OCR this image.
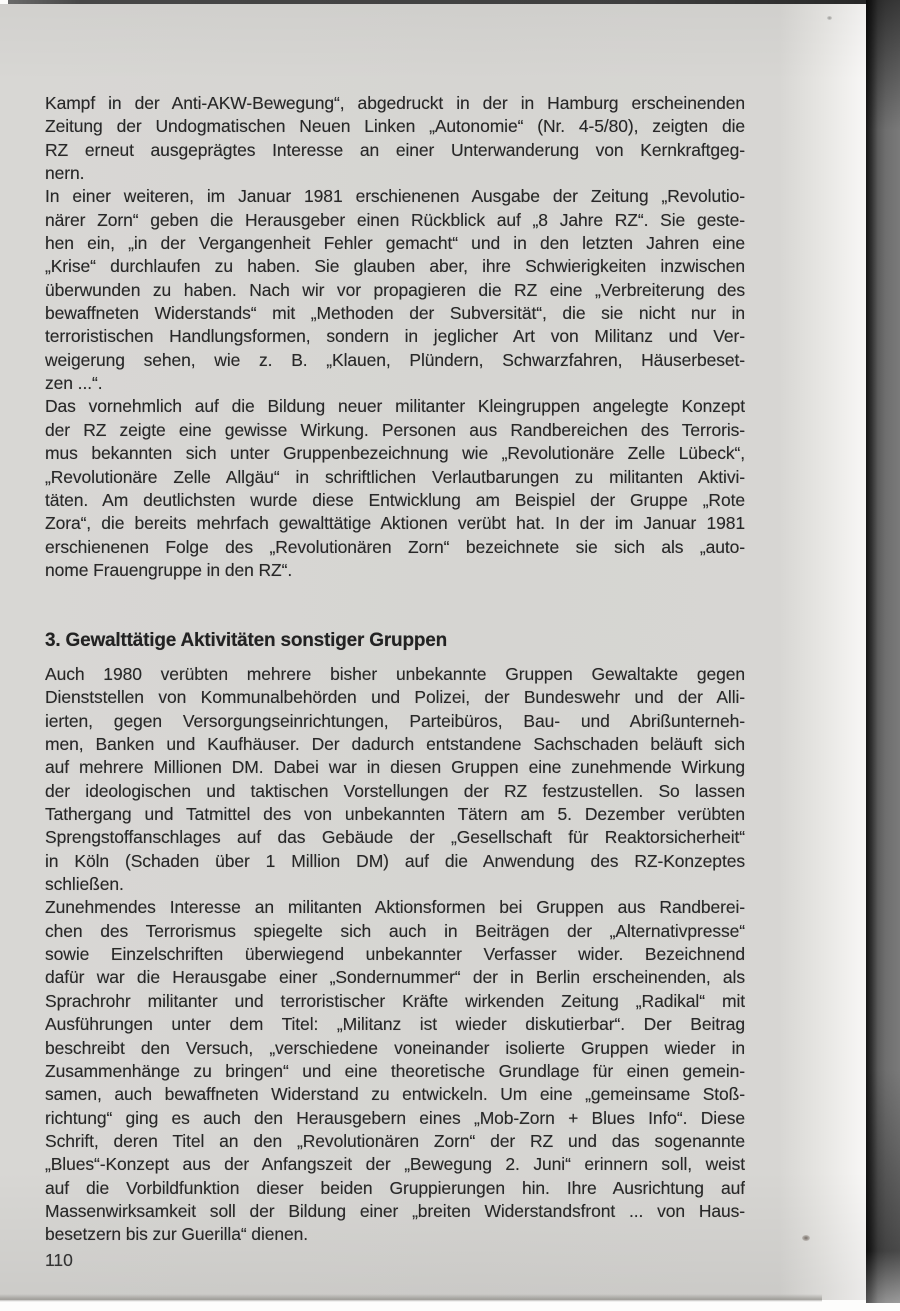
Kampf in der Anti-AKW-Bewegung“, abgedruckt in der in Hamburg erscheinenden
Zeitung der Undogmatischen Neuen Linken „Autonomie“ (Nr. 4-5/80), zeigten die
RZ erneut ausgeprägtes Interesse an einer Unterwanderung von Kernkraftgeg-
nern.
In einer weiteren, im Januar 1981 erschienenen Ausgabe der Zeitung „Revolutio-
närer Zorn“ geben die Herausgeber einen Rückblick auf „8 Jahre RZ“. Sie geste-
hen ein, „in der Vergangenheit Fehler gemacht“ und in den letzten Jahren eine
„Krise“ durchlaufen zu haben. Sie glauben aber, ihre Schwierigkeiten inzwischen
überwunden zu haben. Nach wir vor propagieren die RZ eine „Verbreiterung des
bewaffneten Widerstands“ mit „Methoden der Subversität“, die sie nicht nur in
terroristischen Handlungsformen, sondern in jeglicher Art von Militanz und Ver-
weigerung sehen, wie z. B. „Klauen, Plündern, Schwarzfahren, Häuserbeset-
zen ...“.
Das vornehmlich auf die Bildung neuer militanter Kleingruppen angelegte Konzept
der RZ zeigte eine gewisse Wirkung. Personen aus Randbereichen des Terroris-
mus bekannten sich unter Gruppenbezeichnung wie „Revolutionäre Zelle Lübeck“,
„Revolutionäre Zelle Allgäu“ in schriftlichen Verlautbarungen zu militanten Aktivi-
täten. Am deutlichsten wurde diese Entwicklung am Beispiel der Gruppe „Rote
Zora“, die bereits mehrfach gewalttätige Aktionen verübt hat. In der im Januar 1981
erschienenen Folge des „Revolutionären Zorn“ bezeichnete sie sich als „auto-
nome Frauengruppe in den RZ“.
3. Gewalttätige Aktivitäten sonstiger Gruppen
Auch 1980 verübten mehrere bisher unbekannte Gruppen Gewaltakte gegen
Dienststellen von Kommunalbehörden und Polizei, der Bundeswehr und der Alli-
ierten, gegen Versorgungseinrichtungen, Parteibüros, Bau- und Abrißunterneh-
men, Banken und Kaufhäuser. Der dadurch entstandene Sachschaden beläuft sich
auf mehrere Millionen DM. Dabei war in diesen Gruppen eine zunehmende Wirkung
der ideologischen und taktischen Vorstellungen der RZ festzustellen. So lassen
Tathergang und Tatmittel des von unbekannten Tätern am 5. Dezember verübten
Sprengstoffanschlages auf das Gebäude der „Gesellschaft für Reaktorsicherheit“
in Köln (Schaden über 1 Million DM) auf die Anwendung des RZ-Konzeptes
schließen.
Zunehmendes Interesse an militanten Aktionsformen bei Gruppen aus Randberei-
chen des Terrorismus spiegelte sich auch in Beiträgen der „Alternativpresse“
sowie Einzelschriften überwiegend unbekannter Verfasser wider. Bezeichnend
dafür war die Herausgabe einer „Sondernummer“ der in Berlin erscheinenden, als
Sprachrohr militanter und terroristischer Kräfte wirkenden Zeitung „Radikal“ mit
Ausführungen unter dem Titel: „Militanz ist wieder diskutierbar“. Der Beitrag
beschreibt den Versuch, „verschiedene voneinander isolierte Gruppen wieder in
Zusammenhänge zu bringen“ und eine theoretische Grundlage für einen gemein-
samen, auch bewaffneten Widerstand zu entwickeln. Um eine „gemeinsame Stoß-
richtung“ ging es auch den Herausgebern eines „Mob-Zorn + Blues Info“. Diese
Schrift, deren Titel an den „Revolutionären Zorn“ der RZ und das sogenannte
„Blues“-Konzept aus der Anfangszeit der „Bewegung 2. Juni“ erinnern soll, weist
auf die Vorbildfunktion dieser beiden Gruppierungen hin. Ihre Ausrichtung auf
Massenwirksamkeit soll der Bildung einer „breiten Widerstandsfront ... von Haus-
besetzern bis zur Guerilla“ dienen.
110
